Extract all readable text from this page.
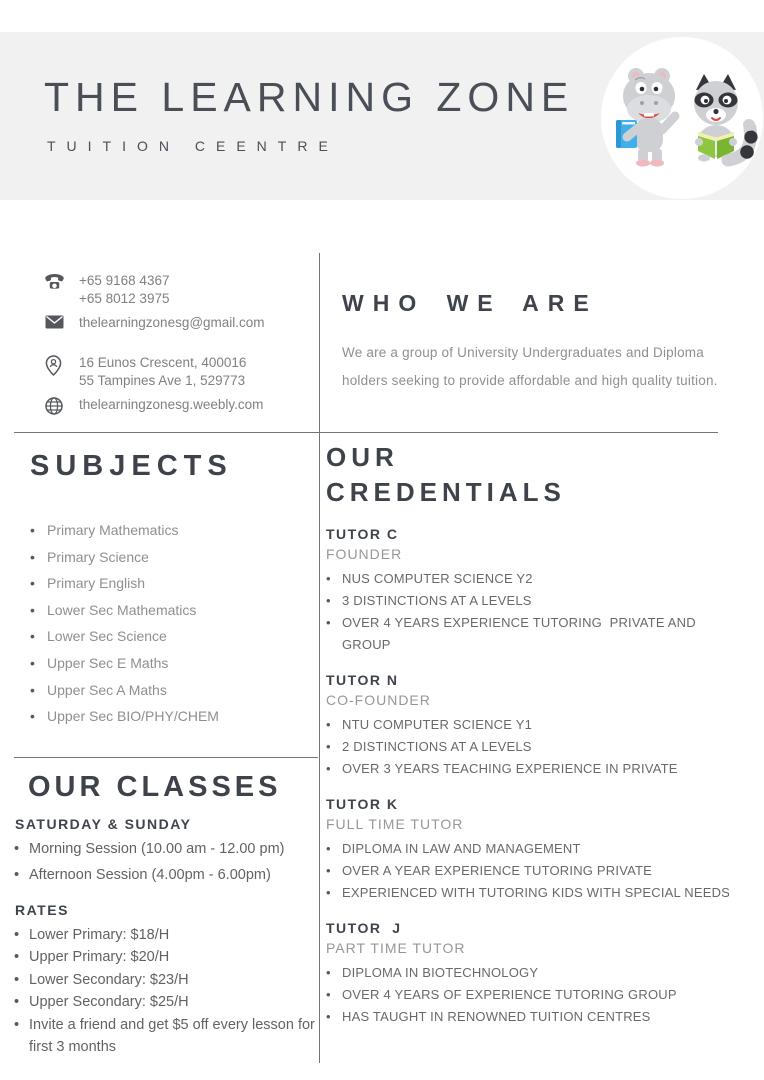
THE LEARNING ZONE
TUITION CEENTRE
+65 9168 4367
+65 8012 3975
thelearningzonesg@gmail.com
16 Eunos Crescent, 400016
55 Tampines Ave 1, 529773
thelearningzonesg.weebly.com
WHO WE ARE

We are a group of University Undergraduates and Diploma holders seeking to provide affordable and high quality tuition.

SUBJECTS
• Primary Mathematics
• Primary Science
• Primary English
• Lower Sec Mathematics
• Lower Sec Science
• Upper Sec E Maths
• Upper Sec A Maths
• Upper Sec BIO/PHY/CHEM
OUR CLASSES
SATURDAY & SUNDAY
• Morning Session (10.00 am - 12.00 pm)
• Afternoon Session (4.00pm - 6.00pm)
RATES
• Lower Primary: $18/H
• Upper Primary: $20/H
• Lower Secondary: $23/H
• Upper Secondary: $25/H
• Invite a friend and get $5 off every lesson for first 3 months
OUR
CREDENTIALS
TUTOR C
FOUNDER
• NUS COMPUTER SCIENCE Y2
• 3 DISTINCTIONS AT A LEVELS
• OVER 4 YEARS EXPERIENCE TUTORING  PRIVATE AND GROUP
TUTOR N
CO-FOUNDER
• NTU COMPUTER SCIENCE Y1
• 2 DISTINCTIONS AT A LEVELS
• OVER 3 YEARS TEACHING EXPERIENCE IN PRIVATE
TUTOR K
FULL TIME TUTOR
• DIPLOMA IN LAW AND MANAGEMENT
• OVER A YEAR EXPERIENCE TUTORING PRIVATE
• EXPERIENCED WITH TUTORING KIDS WITH SPECIAL NEEDS
TUTOR  J
PART TIME TUTOR
• DIPLOMA IN BIOTECHNOLOGY
• OVER 4 YEARS OF EXPERIENCE TUTORING GROUP
• HAS TAUGHT IN RENOWNED TUITION CENTRES
